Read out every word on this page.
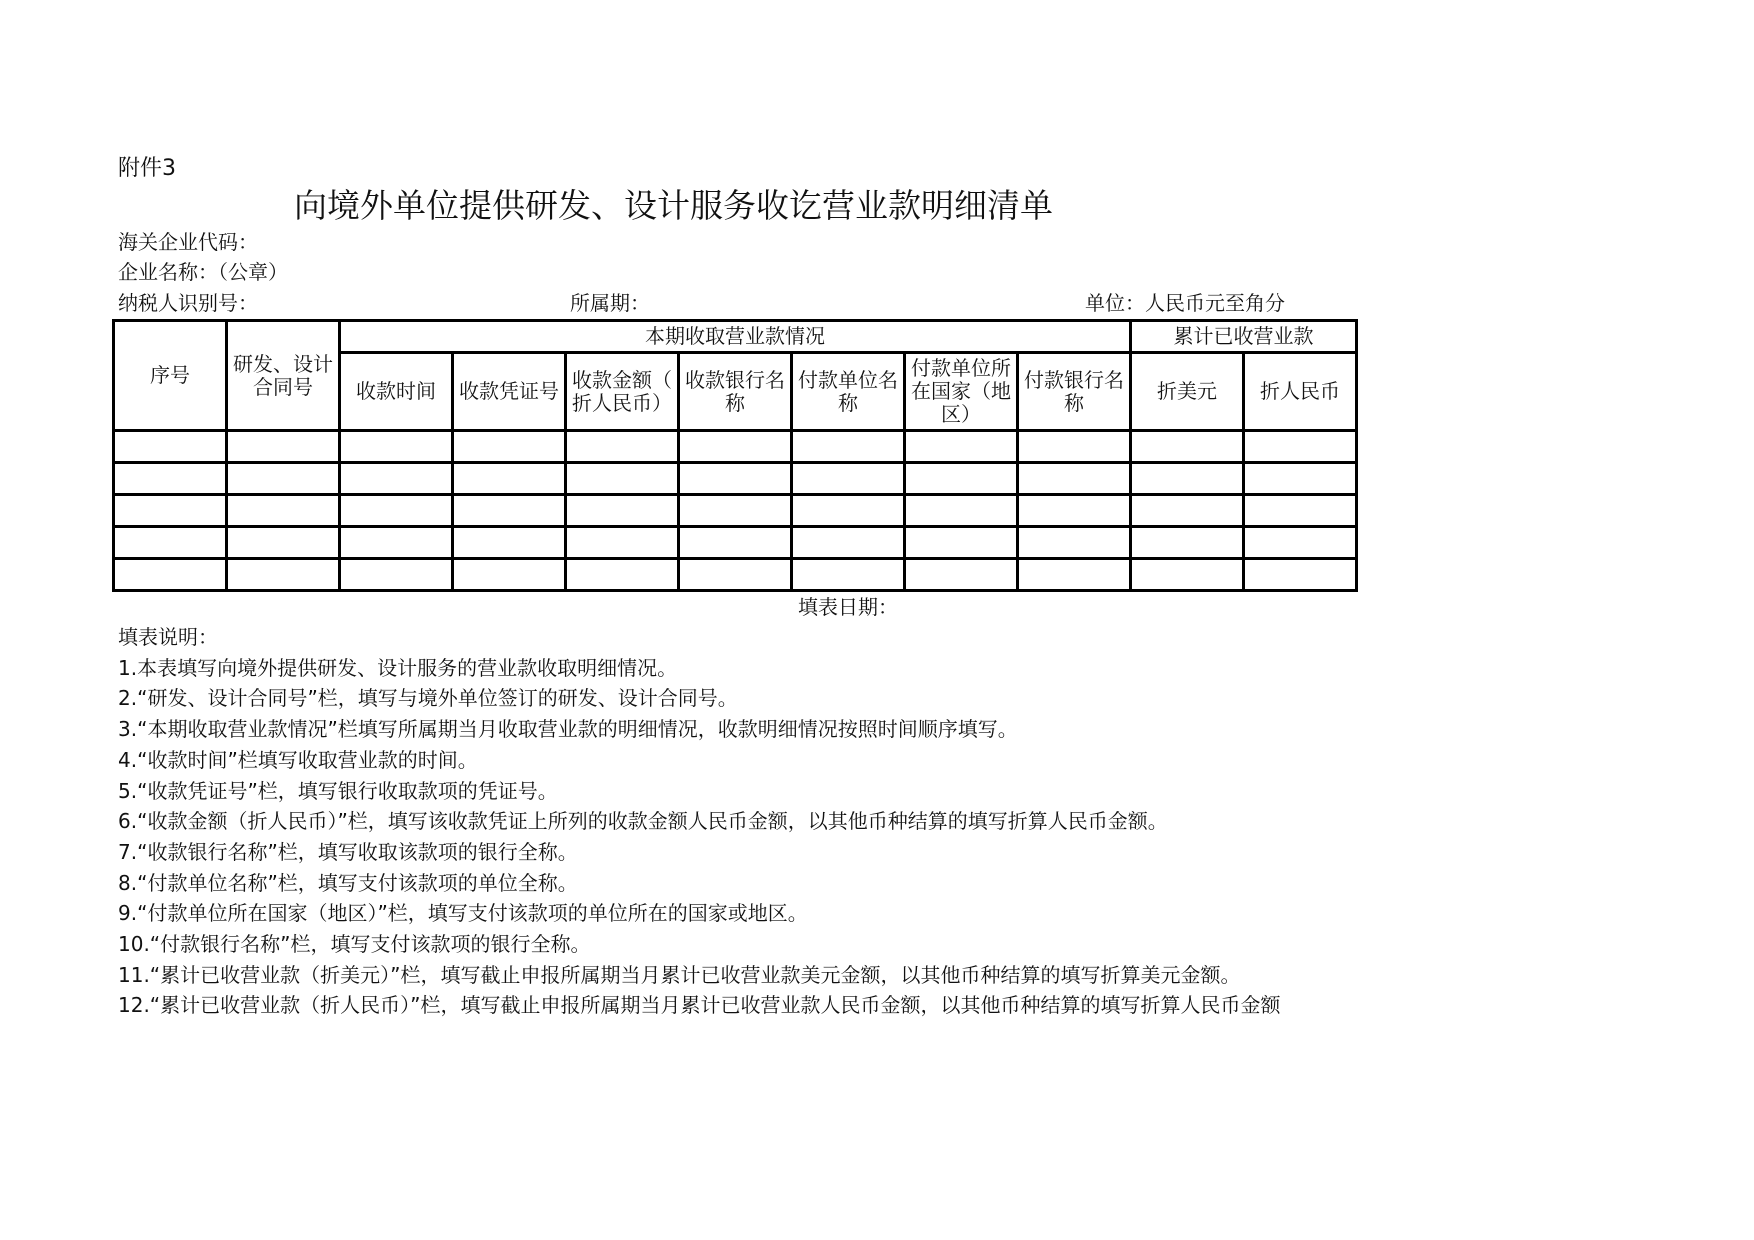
附件3
向境外单位提供研发、设计服务收讫营业款明细清单
海关企业代码：
企业名称：（公章）
纳税人识别号：	所属期：	单位：人民币元至角分
序号	研发、设计合同号	本期收取营业款情况							累计已收营业款	
		收款时间	收款凭证号	收款金额（折人民币）	收款银行名称	付款单位名称	付款单位所在国家（地区）	付款银行名称	折美元	折人民币

填表日期：
填表说明：
1.本表填写向境外提供研发、设计服务的营业款收取明细情况。
2.“研发、设计合同号”栏，填写与境外单位签订的研发、设计合同号。
3.“本期收取营业款情况”栏填写所属期当月收取营业款的明细情况，收款明细情况按照时间顺序填写。
4.“收款时间”栏填写收取营业款的时间。
5.“收款凭证号”栏，填写银行收取款项的凭证号。
6.“收款金额（折人民币）”栏，填写该收款凭证上所列的收款金额人民币金额，以其他币种结算的填写折算人民币金额。
7.“收款银行名称”栏，填写收取该款项的银行全称。
8.“付款单位名称”栏，填写支付该款项的单位全称。
9.“付款单位所在国家（地区）”栏，填写支付该款项的单位所在的国家或地区。
10.“付款银行名称”栏，填写支付该款项的银行全称。
11.“累计已收营业款（折美元）”栏，填写截止申报所属期当月累计已收营业款美元金额，以其他币种结算的填写折算美元金额。
12.“累计已收营业款（折人民币）”栏，填写截止申报所属期当月累计已收营业款人民币金额，以其他币种结算的填写折算人民币金额
